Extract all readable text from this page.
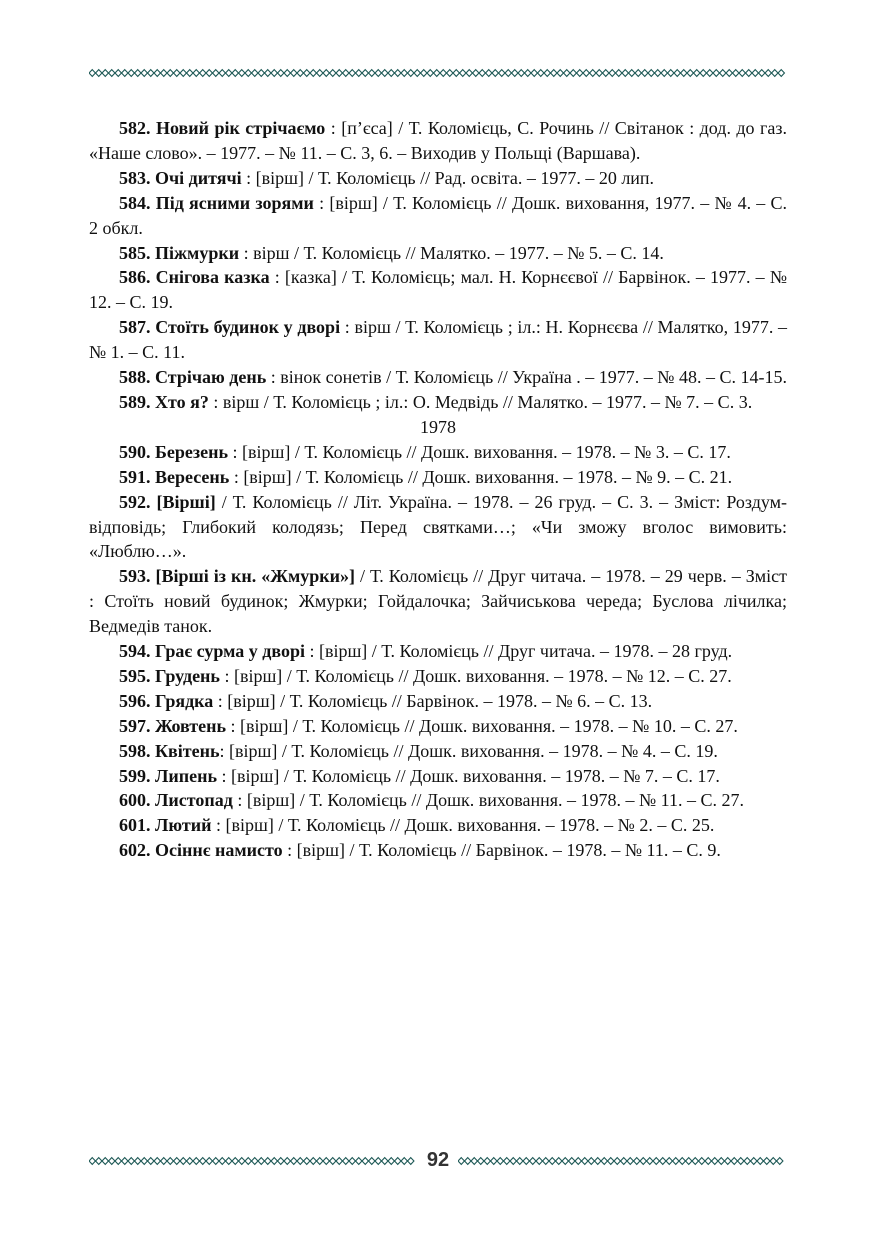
582. Новий рік стрічаємо : [п’єса] / Т. Коломієць, С. Рочинь // Світанок : дод. до газ. «Наше слово». – 1977. – № 11. – С. 3, 6. – Виходив у Польщі (Варшава).

583. Очі дитячі : [вірш] / Т. Коломієць // Рад. освіта. – 1977. – 20 лип.

584. Під ясними зорями : [вірш] / Т. Коломієць // Дошк. виховання, 1977. – № 4. – С. 2 обкл.

585. Піжмурки : вірш / Т. Коломієць // Малятко. – 1977. – № 5. – С. 14.

586. Снігова казка : [казка] / Т. Коломієць; мал. Н. Корнєєвої // Барвінок. – 1977. – № 12. – С. 19.

587. Стоїть будинок у дворі : вірш / Т. Коломієць ; іл.: Н. Корнєєва // Малятко, 1977. – № 1. – С. 11.

588. Стрічаю день : вінок сонетів / Т. Коломієць // Україна . – 1977. – № 48. – С. 14-15.

589. Хто я? : вірш / Т. Коломієць ; іл.: О. Медвідь // Малятко. – 1977. – № 7. – С. 3.

1978

590. Березень : [вірш] / Т. Коломієць // Дошк. виховання. – 1978. – № 3. – С. 17.

591. Вересень : [вірш] / Т. Коломієць // Дошк. виховання. – 1978. – № 9. – С. 21.

592. [Вірші] / Т. Коломієць // Літ. Україна. – 1978. – 26 груд. – С. 3. – Зміст: Роздум-відповідь; Глибокий колодязь; Перед святками…; «Чи зможу вголос вимовить: «Люблю…».

593. [Вірші із кн. «Жмурки»] / Т. Коломієць // Друг читача. – 1978. – 29 черв. – Зміст : Стоїть новий будинок; Жмурки; Гойдалочка; Зайчиськова череда; Буслова лічилка; Ведмедів танок.

594. Грає сурма у дворі : [вірш] / Т. Коломієць // Друг читача. – 1978. – 28 груд.

595. Грудень : [вірш] / Т. Коломієць // Дошк. виховання. – 1978. – № 12. – С. 27.

596. Грядка : [вірш] / Т. Коломієць // Барвінок. – 1978. – № 6. – С. 13.

597. Жовтень : [вірш] / Т. Коломієць // Дошк. виховання. – 1978. – № 10. – С. 27.

598. Квітень: [вірш] / Т. Коломієць // Дошк. виховання. – 1978. – № 4. – С. 19.

599. Липень : [вірш] / Т. Коломієць // Дошк. виховання. – 1978. – № 7. – С. 17.

600. Листопад : [вірш] / Т. Коломієць // Дошк. виховання. – 1978. – № 11. – С. 27.

601. Лютий : [вірш] / Т. Коломієць // Дошк. виховання. – 1978. – № 2. – С. 25.

602. Осіннє намисто : [вірш] / Т. Коломієць // Барвінок. – 1978. – № 11. – С. 9.

92
